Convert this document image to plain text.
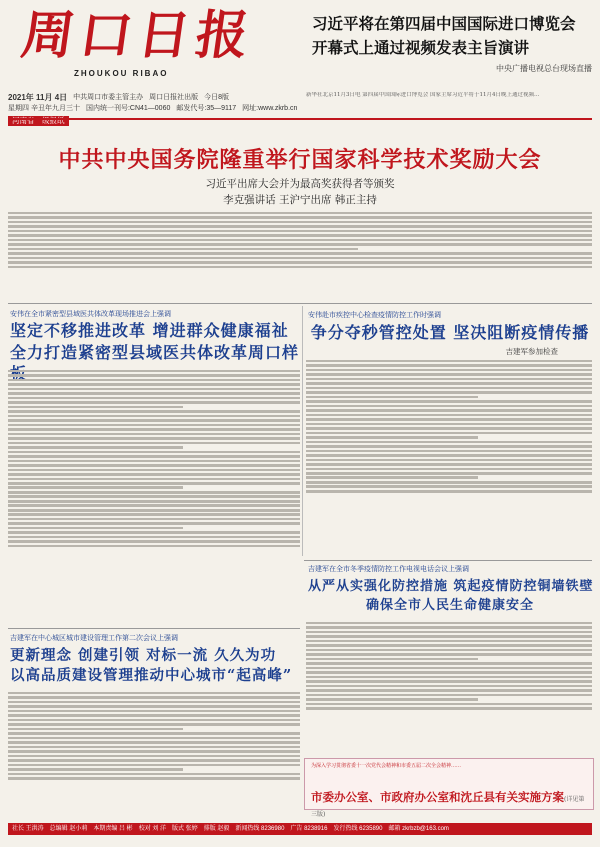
周口日报
ZHOUKOU RIBAO
习近平将在第四届中国国际进口博览会
开幕式上通过视频发表主旨演讲
中央广播电视总台现场直播
2021年 11月 4日 中共周口市委主管主办 周口日报社出版 今日8版
星期四 辛丑年九月三十 国内统一刊号:CN41—0060 邮发代号:35—9117 网址:www.zkrb.cn
河南省一级报纸
新华社北京11月3日电 第四届中国国际进口博览会 国家主席习近平将于11月4日晚上通过视频…
中共中央国务院隆重举行国家科学技术奖励大会
习近平出席大会并为最高奖获得者等颁奖
李克强讲话 王沪宁出席 韩正主持
安伟在全市紧密型县域医共体改革现场推进会上强调
坚定不移推进改革 增进群众健康福祉
全力打造紧密型县域医共体改革周口样
安伟赴市疾控中心检查疫情防控工作时强调
争分夺秒管控处置 坚决阻断疫情传播
吉建军参加检查
吉建军在全市冬季疫情防控工作电视电话会议上强调
从严从实强化防控措施 筑起疫情防控铜墙铁壁
确保全市人民生命健康安全
吉建军在中心城区城市建设管理工作第二次会议上强调
更新理念 创建引领 对标一流 久久为功
以高品质建设管理推动中心城市“起高峰”
为深入学习贯彻省委十一次党代会精神和市委五届二次全会精神……
市委办公室、市政府办公室和沈丘县有关实施方案(详见第三版)
社长 王洪涛 总编辑 赵小莉 本期责编 吕 彬 校对 刘 洋 版式 张婷 排版 赵毅 新闻热线 8236980 广告 8238916 发行热线 6235890 邮箱 zkrbzb@163.com
